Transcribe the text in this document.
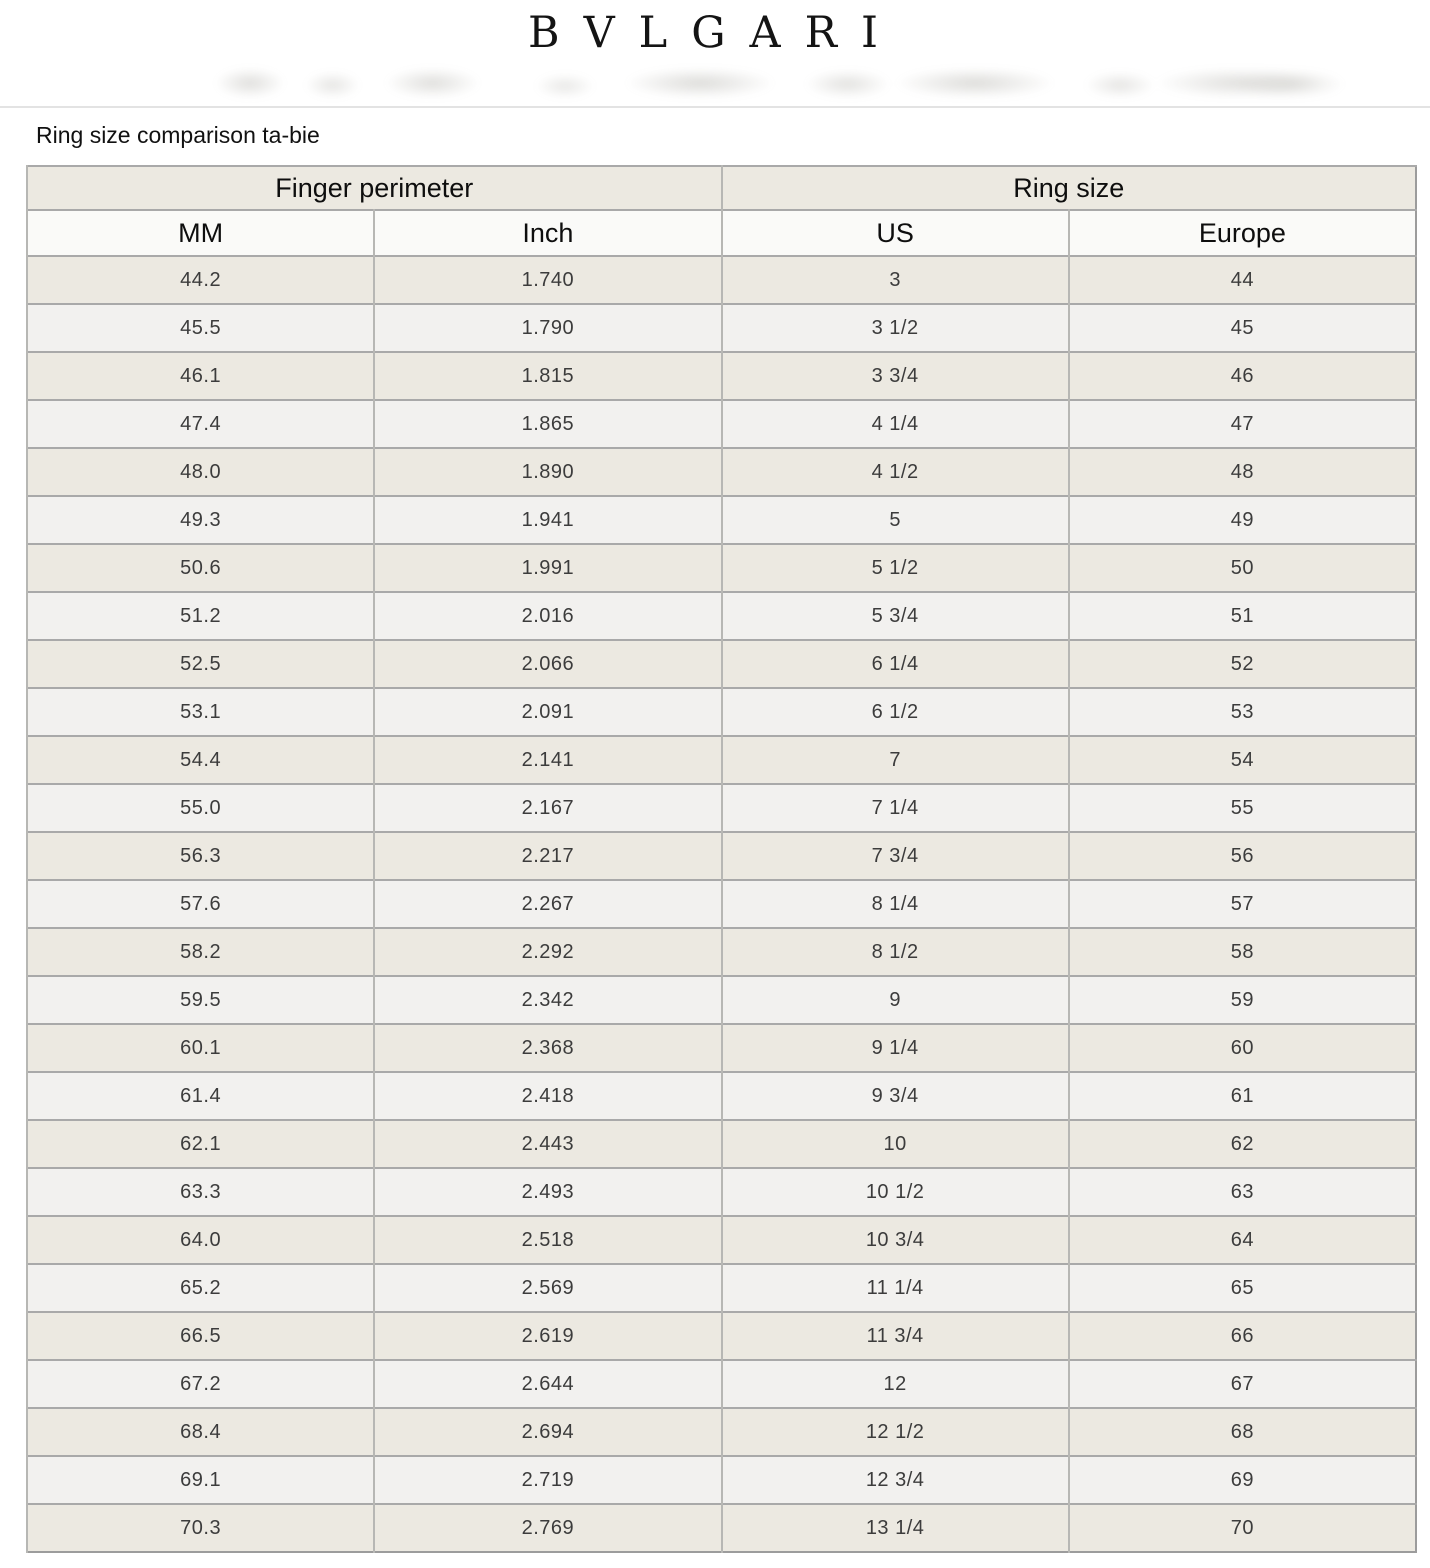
BVLGARI
Ring size comparison ta-bie
Finger perimeter		Ring size	
MM	Inch	US	Europe
44.2	1.740	3	44
45.5	1.790	3 1/2	45
46.1	1.815	3 3/4	46
47.4	1.865	4 1/4	47
48.0	1.890	4 1/2	48
49.3	1.941	5	49
50.6	1.991	5 1/2	50
51.2	2.016	5 3/4	51
52.5	2.066	6 1/4	52
53.1	2.091	6 1/2	53
54.4	2.141	7	54
55.0	2.167	7 1/4	55
56.3	2.217	7 3/4	56
57.6	2.267	8 1/4	57
58.2	2.292	8 1/2	58
59.5	2.342	9	59
60.1	2.368	9 1/4	60
61.4	2.418	9 3/4	61
62.1	2.443	10	62
63.3	2.493	10 1/2	63
64.0	2.518	10 3/4	64
65.2	2.569	11 1/4	65
66.5	2.619	11 3/4	66
67.2	2.644	12	67
68.4	2.694	12 1/2	68
69.1	2.719	12 3/4	69
70.3	2.769	13 1/4	70
